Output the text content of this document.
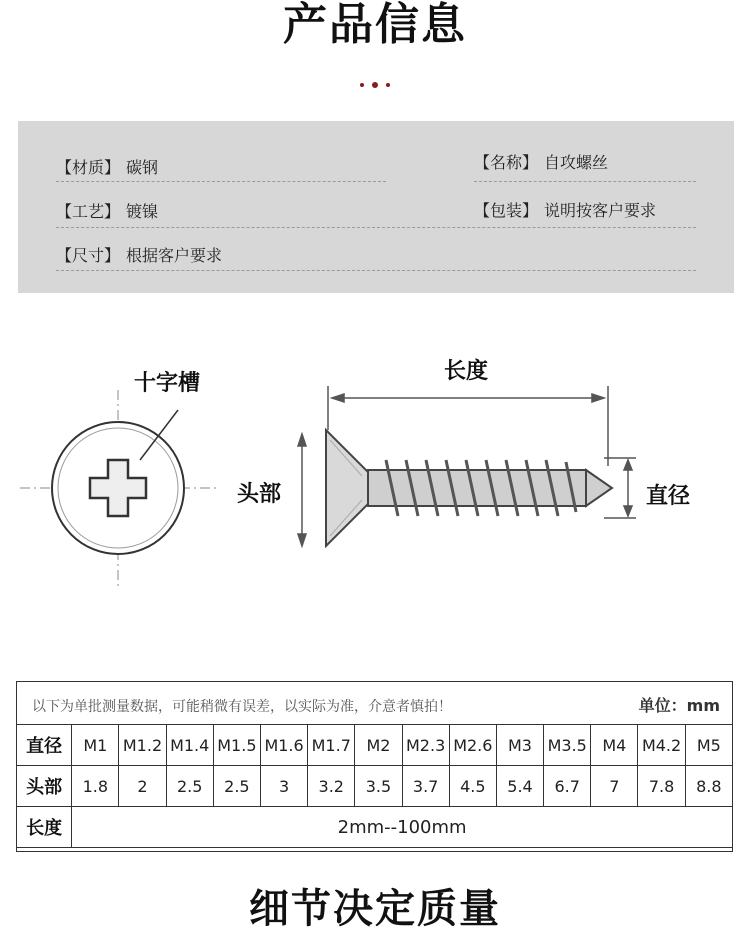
产品信息
【材质】 碳钢	【名称】 自攻螺丝
【工艺】 镀镍	【包装】 说明按客户要求
【尺寸】 根据客户要求
十字槽	长度
头部	直径
以下为单批测量数据，可能稍微有误差，以实际为准，介意者慎拍！	单位：mm
直径	M1	M1.2	M1.4	M1.5	M1.6	M1.7	M2	M2.3	M2.6	M3	M3.5	M4	M4.2	M5
头部	1.8	2	2.5	2.5	3	3.2	3.5	3.7	4.5	5.4	6.7	7	7.8	8.8
长度	2mm--100mm													
细节决定质量
